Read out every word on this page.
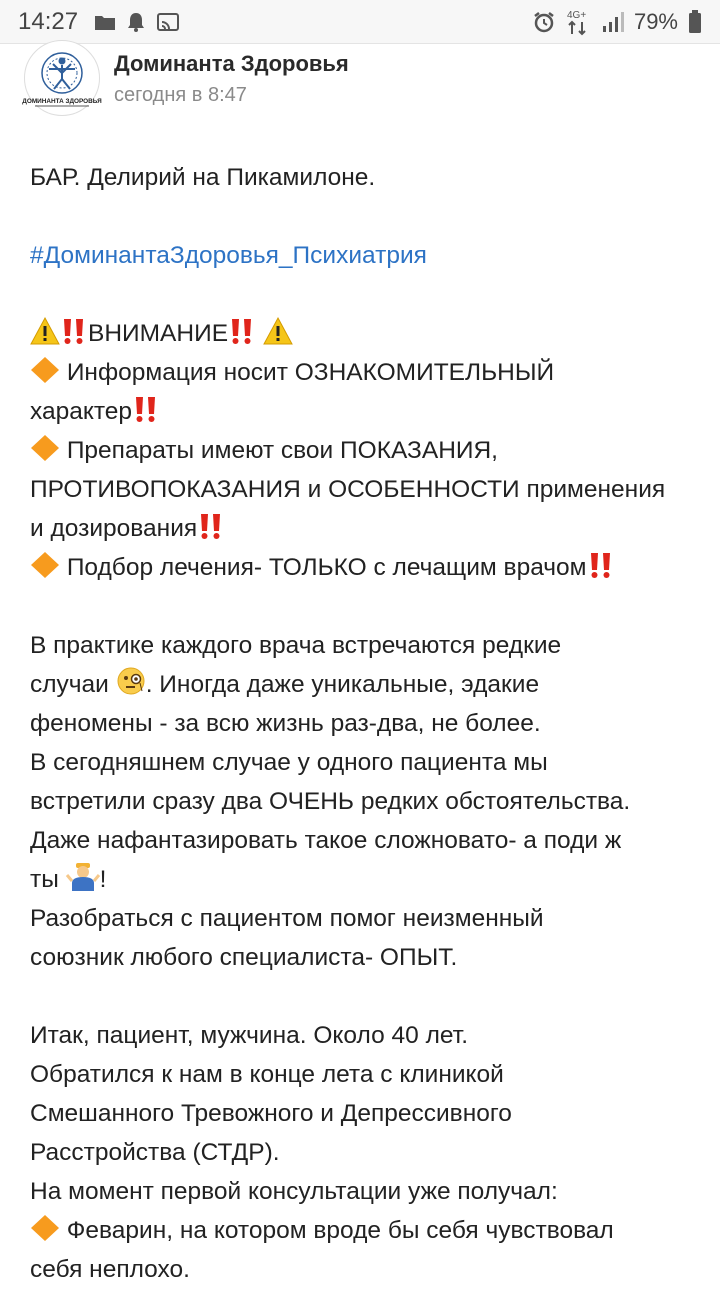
14:27	4G+ 79%
ДОМИНАНТА ЗДОРОВЬЯ
Доминанта Здоровья
сегодня в 8:47
БАР. Делирий на Пикамилоне.
#ДоминантаЗдоровья_Психиатрия
ВНИМАНИЕ

Информация носит ОЗНАКОМИТЕЛЬНЫЙ
характер
Препараты имеют свои ПОКАЗАНИЯ,
ПРОТИВОПОКАЗАНИЯ и ОСОБЕННОСТИ применения
и дозирования
Подбор лечения- ТОЛЬКО с лечащим врачом
В практике каждого врача встречаются редкие
случаи
. Иногда даже уникальные, эдакие
феномены - за всю жизнь раз-два, не более.
В сегодняшнем случае у одного пациента мы
встретили сразу два ОЧЕНЬ редких обстоятельства.
Даже нафантазировать такое сложновато- а поди ж
ты
!
Разобраться с пациентом помог неизменный
союзник любого специалиста- ОПЫТ.
Итак, пациент, мужчина. Около 40 лет.
Обратился к нам в конце лета с клиникой
Смешанного Тревожного и Депрессивного
Расстройства (СТДР).
На момент первой консультации уже получал:
Феварин, на котором вроде бы себя чувствовал
себя неплохо.
